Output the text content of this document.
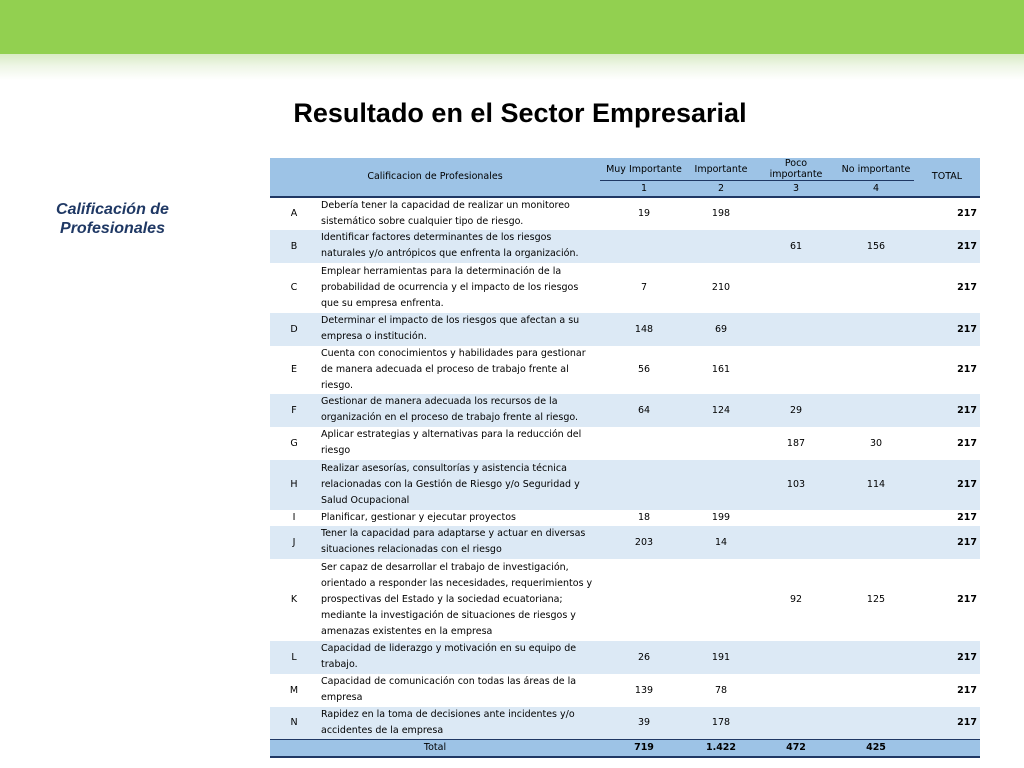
Resultado en el Sector Empresarial
Calificación de Profesionales
Calificacion de Profesionales		Muy Importante	Importante	Poco importante	No importante	TOTAL
		1	2	3	4	
A	Debería tener la capacidad de realizar un monitoreo sistemático sobre cualquier tipo de riesgo.	19	198			217
B	Identificar factores determinantes de los riesgos naturales y/o antrópicos que enfrenta la organización.			61	156	217
C	Emplear herramientas para la determinación de la probabilidad de ocurrencia y el impacto de los riesgos que su empresa enfrenta.	7	210			217
D	Determinar el impacto de los riesgos que afectan a su empresa o institución.	148	69			217
E	Cuenta con conocimientos y habilidades para gestionar de manera adecuada el proceso de trabajo frente al riesgo.	56	161			217
F	Gestionar de manera adecuada los recursos de la organización en el proceso de trabajo frente al riesgo.	64	124	29		217
G	Aplicar estrategias y alternativas para la reducción del riesgo			187	30	217
H	Realizar asesorías, consultorías y asistencia técnica relacionadas con la Gestión de Riesgo y/o Seguridad y Salud Ocupacional			103	114	217
I	Planificar, gestionar y ejecutar proyectos	18	199			217
J	Tener la capacidad para adaptarse y actuar en diversas situaciones relacionadas con el riesgo	203	14			217
K	Ser capaz de desarrollar el trabajo de investigación, orientado a responder las necesidades, requerimientos y prospectivas del Estado y la sociedad ecuatoriana; mediante la investigación de situaciones de riesgos y amenazas existentes en la empresa			92	125	217
L	Capacidad de liderazgo y motivación en su equipo de trabajo.	26	191			217
M	Capacidad de comunicación con todas las áreas de la empresa	139	78			217
N	Rapidez en la toma de decisiones ante incidentes y/o accidentes de la empresa	39	178			217
Total		719	1.422	472	425	
